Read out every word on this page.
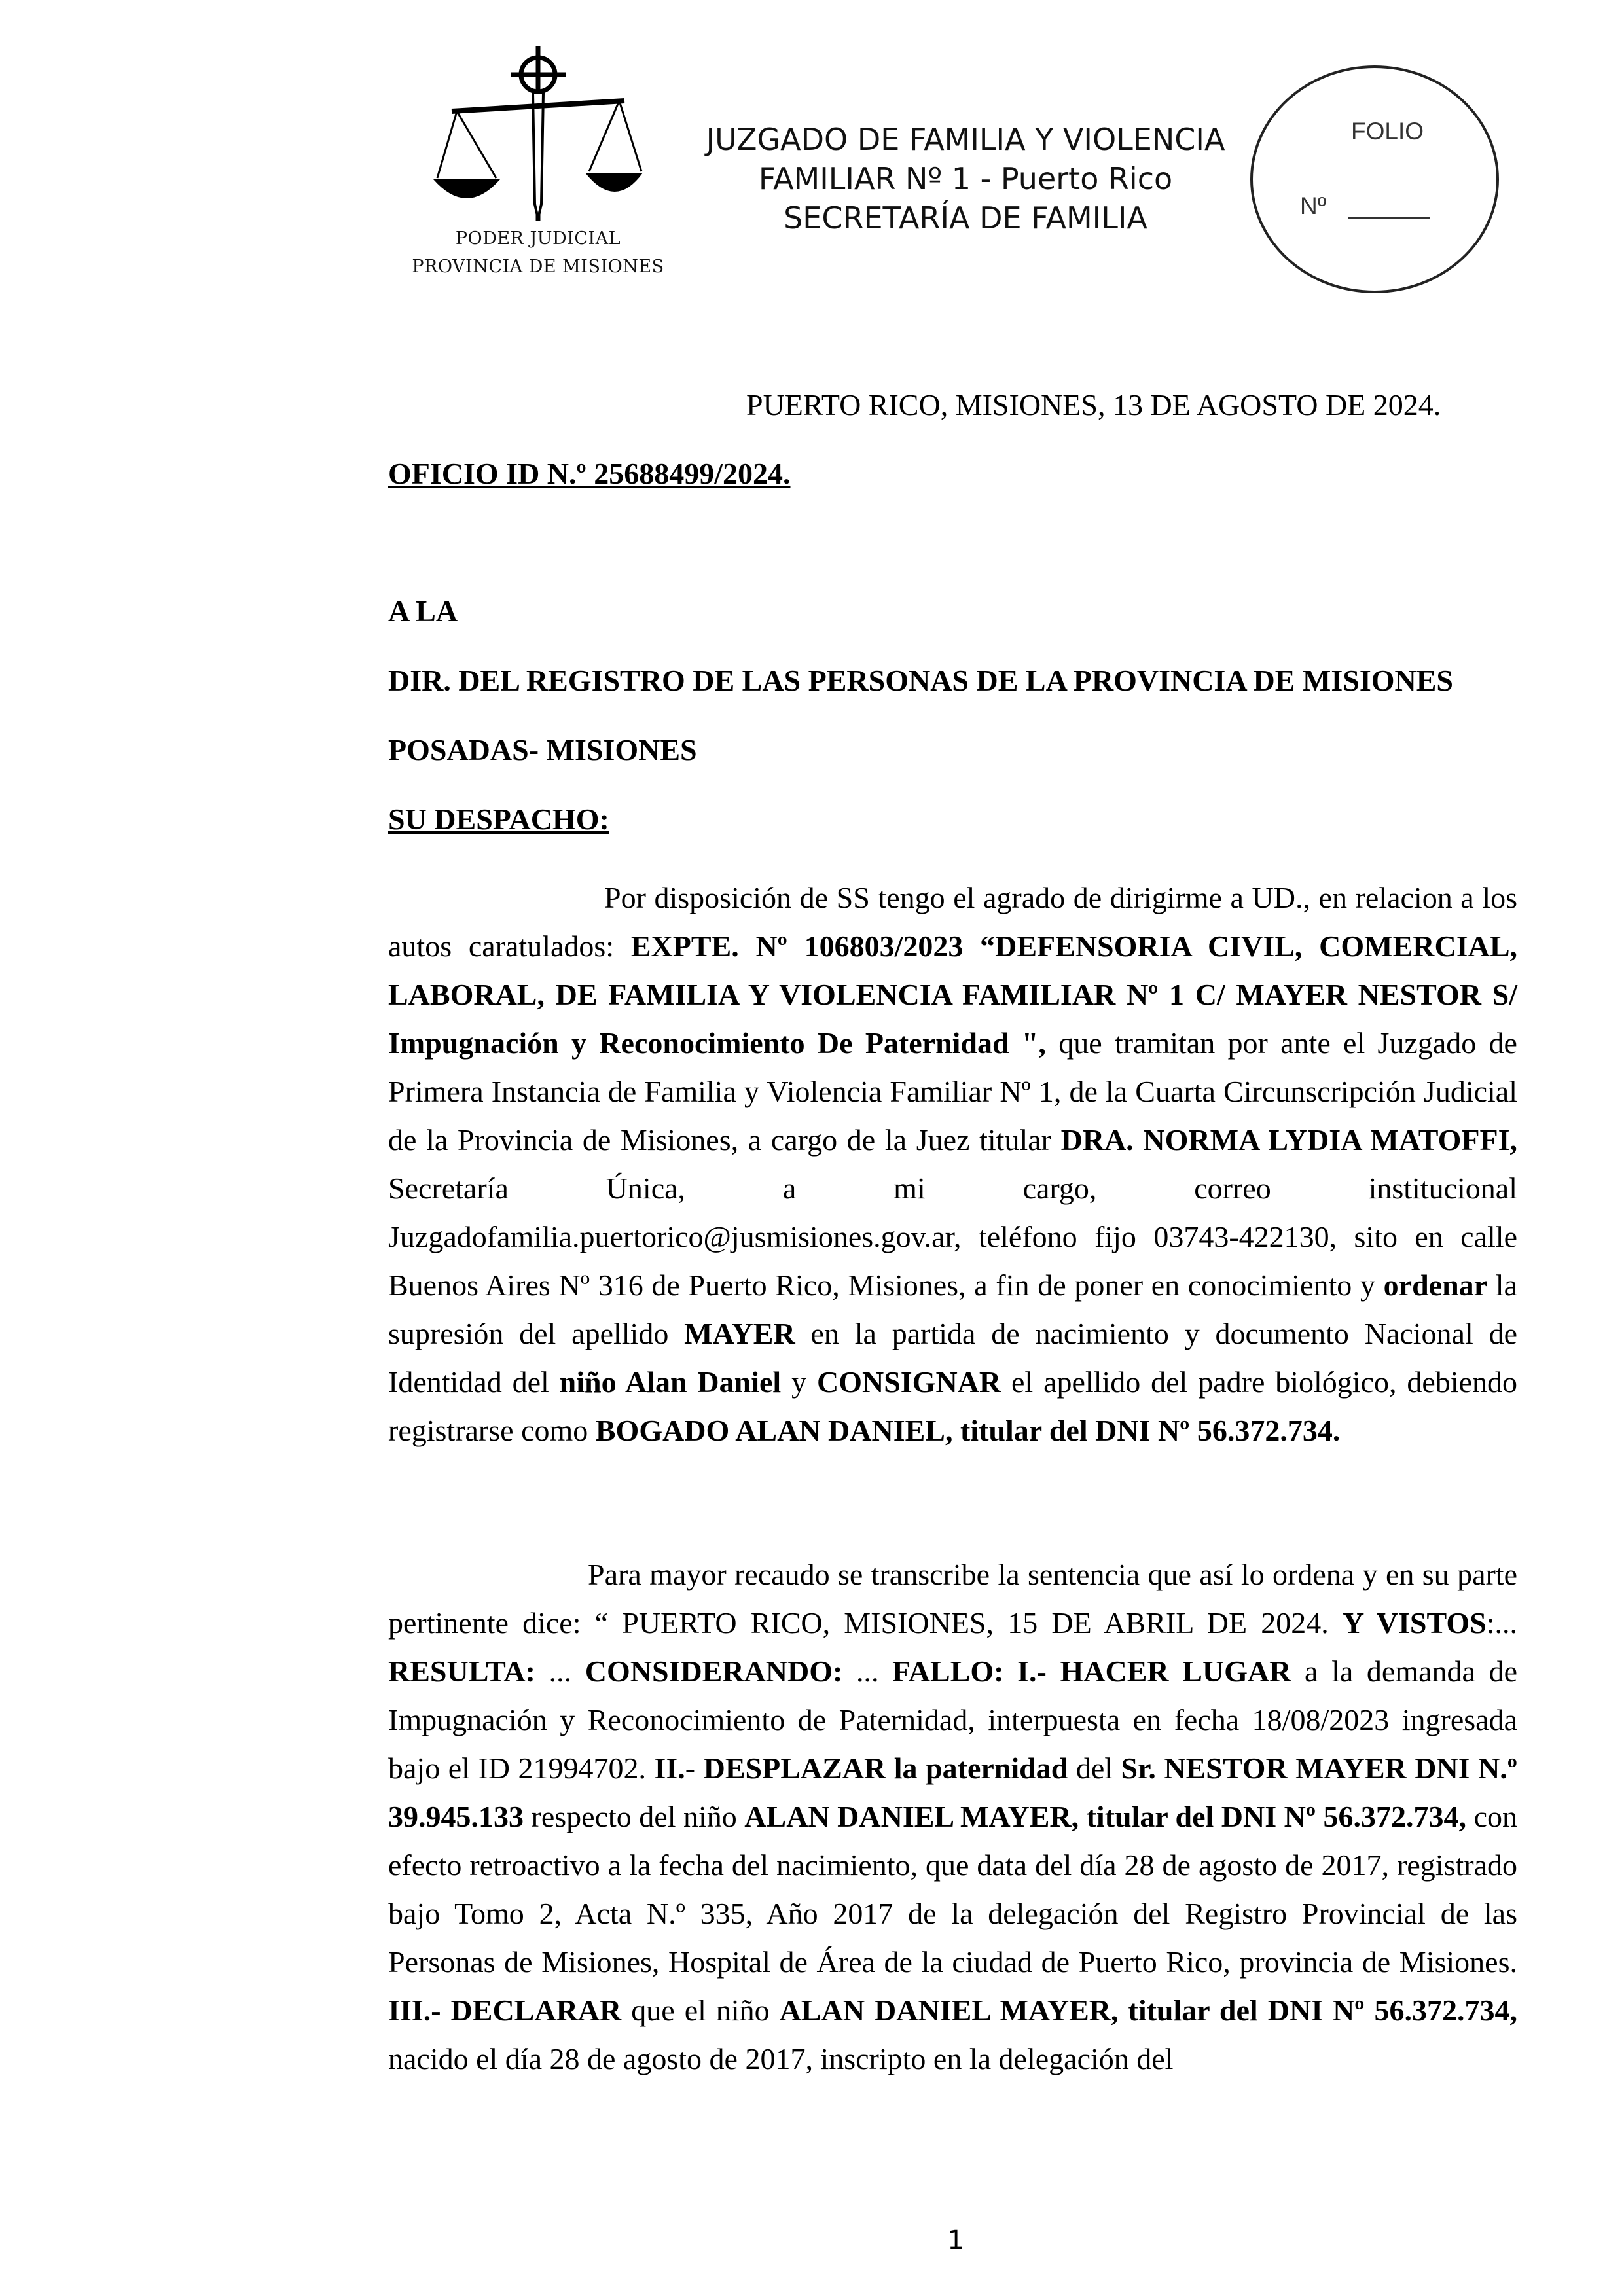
PODER JUDICIAL
PROVINCIA DE MISIONES
JUZGADO DE FAMILIA Y VIOLENCIA
FAMILIAR Nº 1 - Puerto Rico
SECRETARÍA DE FAMILIA
FOLIO
Nº
PUERTO RICO, MISIONES, 13 DE AGOSTO DE 2024.
OFICIO ID N.º 25688499/2024.
A LA
DIR. DEL REGISTRO DE LAS PERSONAS DE LA PROVINCIA DE MISIONES
POSADAS- MISIONES
SU DESPACHO:
Por disposición de SS tengo el agrado de dirigirme a UD., en relacion a los autos caratulados: EXPTE. Nº 106803/2023 “DEFENSORIA CIVIL, COMERCIAL, LABORAL, DE FAMILIA Y VIOLENCIA FAMILIAR Nº 1 C/ MAYER NESTOR S/ Impugnación y Reconocimiento De Paternidad ", que tramitan por ante el Juzgado de Primera Instancia de Familia y Violencia Familiar Nº 1, de la Cuarta Circunscripción Judicial de la Provincia de Misiones, a cargo de la Juez titular DRA. NORMA LYDIA MATOFFI, Secretaría Única, a mi cargo, correo institucional Juzgadofamilia.puertorico@jusmisiones.gov.ar, teléfono fijo 03743-422130, sito en calle Buenos Aires Nº 316 de Puerto Rico, Misiones, a fin de poner en conocimiento y ordenar la supresión del apellido MAYER en la partida de nacimiento y documento Nacional de Identidad del niño Alan Daniel y CONSIGNAR el apellido del padre biológico, debiendo registrarse como BOGADO ALAN DANIEL, titular del DNI Nº 56.372.734.
Para mayor recaudo se transcribe la sentencia que así lo ordena y en su parte pertinente dice: “ PUERTO RICO, MISIONES, 15 DE ABRIL DE 2024. Y VISTOS:... RESULTA: ... CONSIDERANDO: ... FALLO: I.- HACER LUGAR a la demanda de Impugnación y Reconocimiento de Paternidad, interpuesta en fecha 18/08/2023 ingresada bajo el ID 21994702. II.- DESPLAZAR la paternidad del Sr. NESTOR MAYER DNI N.º 39.945.133 respecto del niño ALAN DANIEL MAYER, titular del DNI Nº 56.372.734, con efecto retroactivo a la fecha del nacimiento, que data del día 28 de agosto de 2017, registrado bajo Tomo 2, Acta N.º 335, Año 2017 de la delegación del Registro Provincial de las Personas de Misiones, Hospital de Área de la ciudad de Puerto Rico, provincia de Misiones. III.- DECLARAR que el niño ALAN DANIEL MAYER, titular del DNI Nº 56.372.734, nacido el día 28 de agosto de 2017, inscripto en la delegación del
1
